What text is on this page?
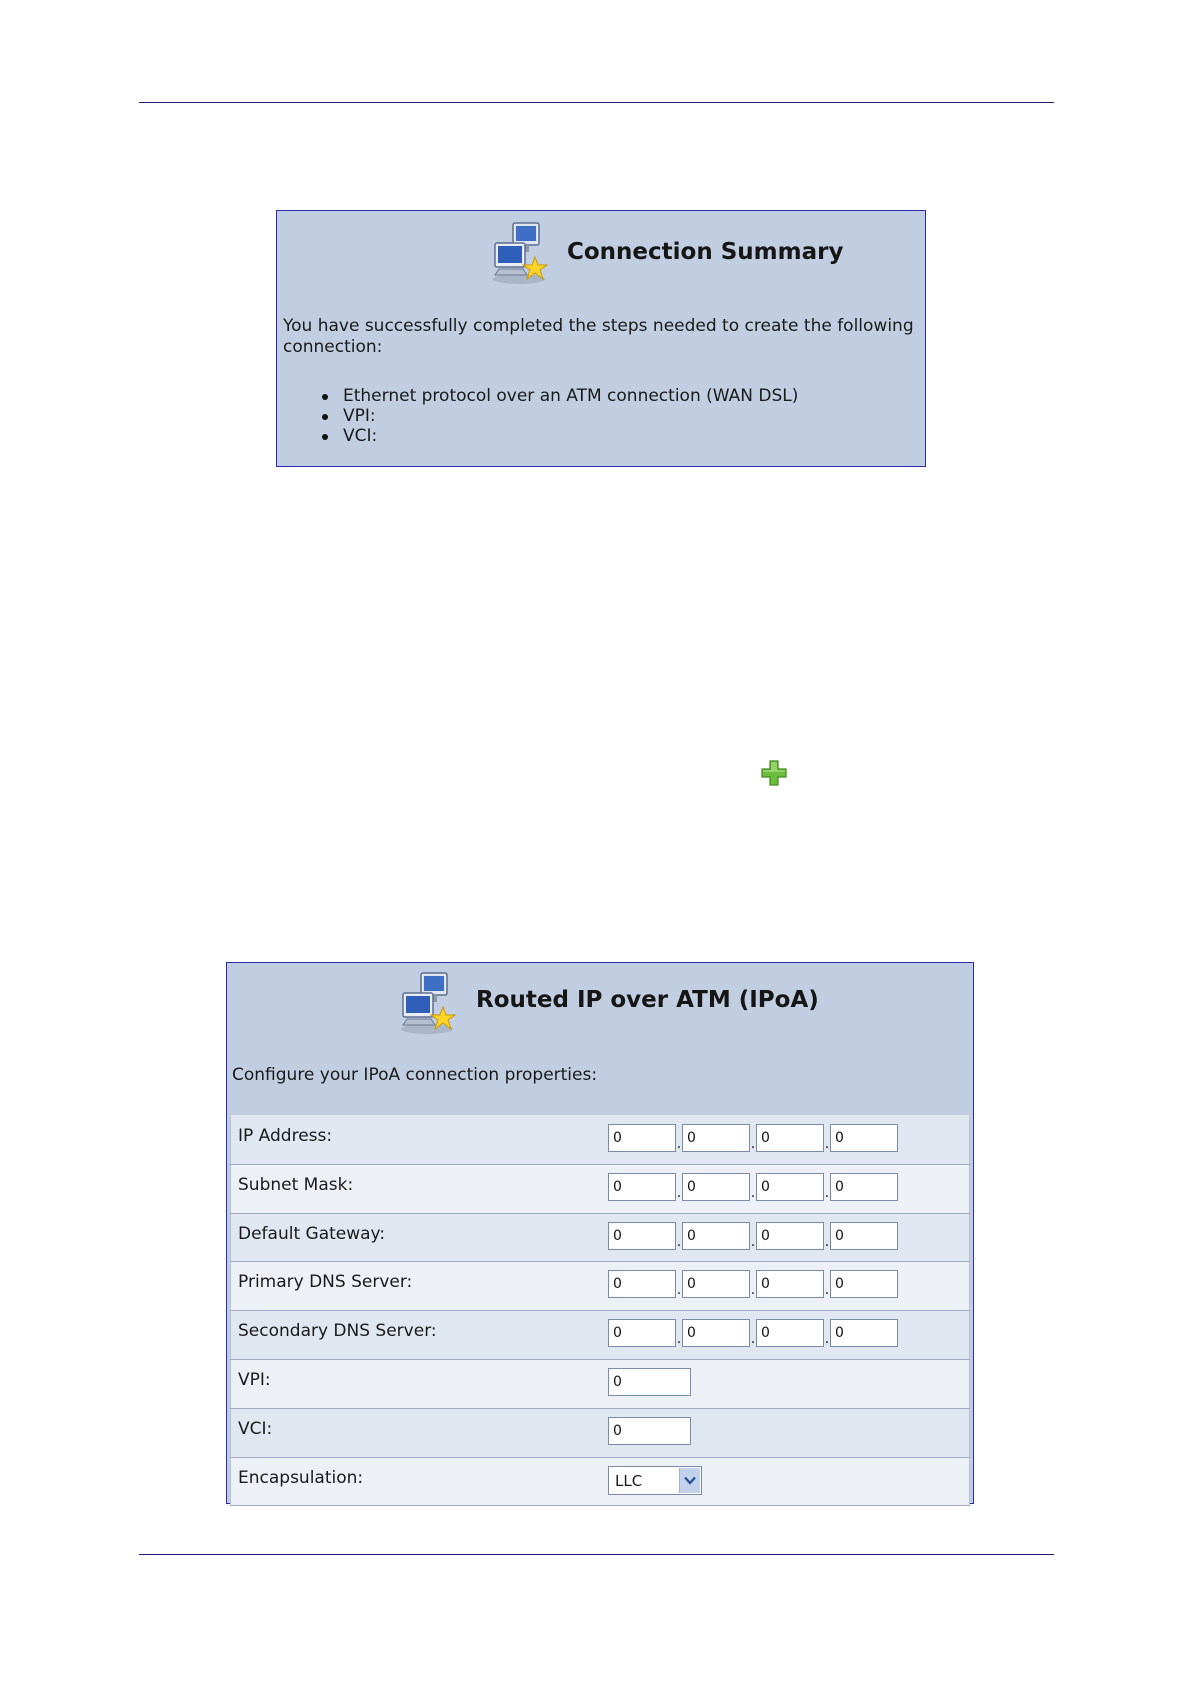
Connection Summary
You have successfully completed the steps needed to create the following connection:
Ethernet protocol over an ATM connection (WAN DSL)
VPI:
VCI:
Routed IP over ATM (IPoA)
Configure your IPoA connection properties:
IP Address:	
0.
0 .
0 .
0

Subnet Mask:	
0.
0 .
0 .
0

Default Gateway:	
0.
0 .
0 .
0

Primary DNS Server:	
0.
0 .
0 .
0

Secondary DNS Server:	
0.
0 .
0 .
0

VPI:	0
VCI:	0
Encapsulation:	LLC
